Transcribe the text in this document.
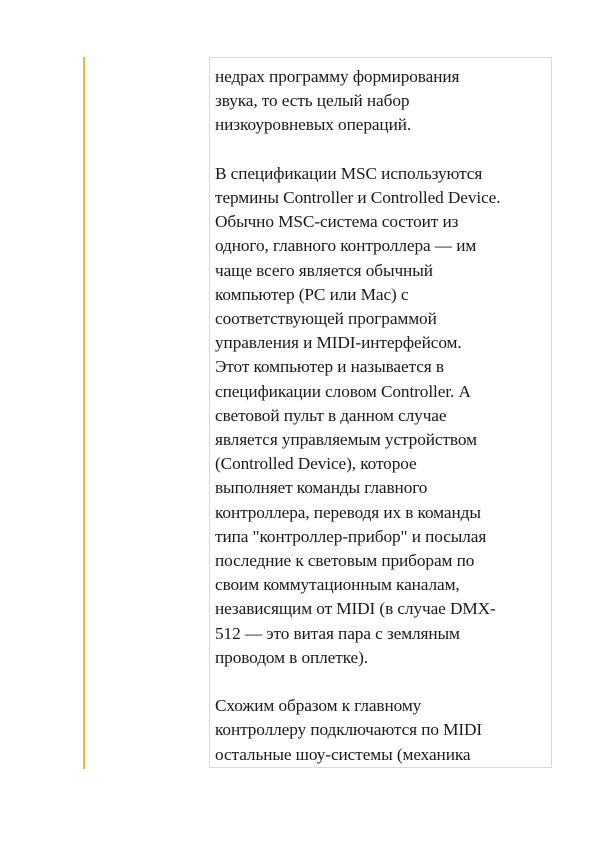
недрах программу формирования
звука, то есть целый набор
низкоуровневых операций.

В спецификации MSC используются
термины Controller и Controlled Device.
Обычно MSC-система состоит из
одного, главного контроллера — им
чаще всего является обычный
компьютер (PC или Mac) с
соответствующей программой
управления и MIDI-интерфейсом.
Этот компьютер и называется в
спецификации словом Controller. А
световой пульт в данном случае
является управляемым устройством
(Controlled Device), которое
выполняет команды главного
контроллера, переводя их в команды
типа "контроллер-прибор" и посылая
последние к световым приборам по
своим коммутационным каналам,
независящим от MIDI (в случае DMX-
512 — это витая пара с земляным
проводом в оплетке).

Схожим образом к главному
контроллеру подключаются по MIDI
остальные шоу-системы (механика
